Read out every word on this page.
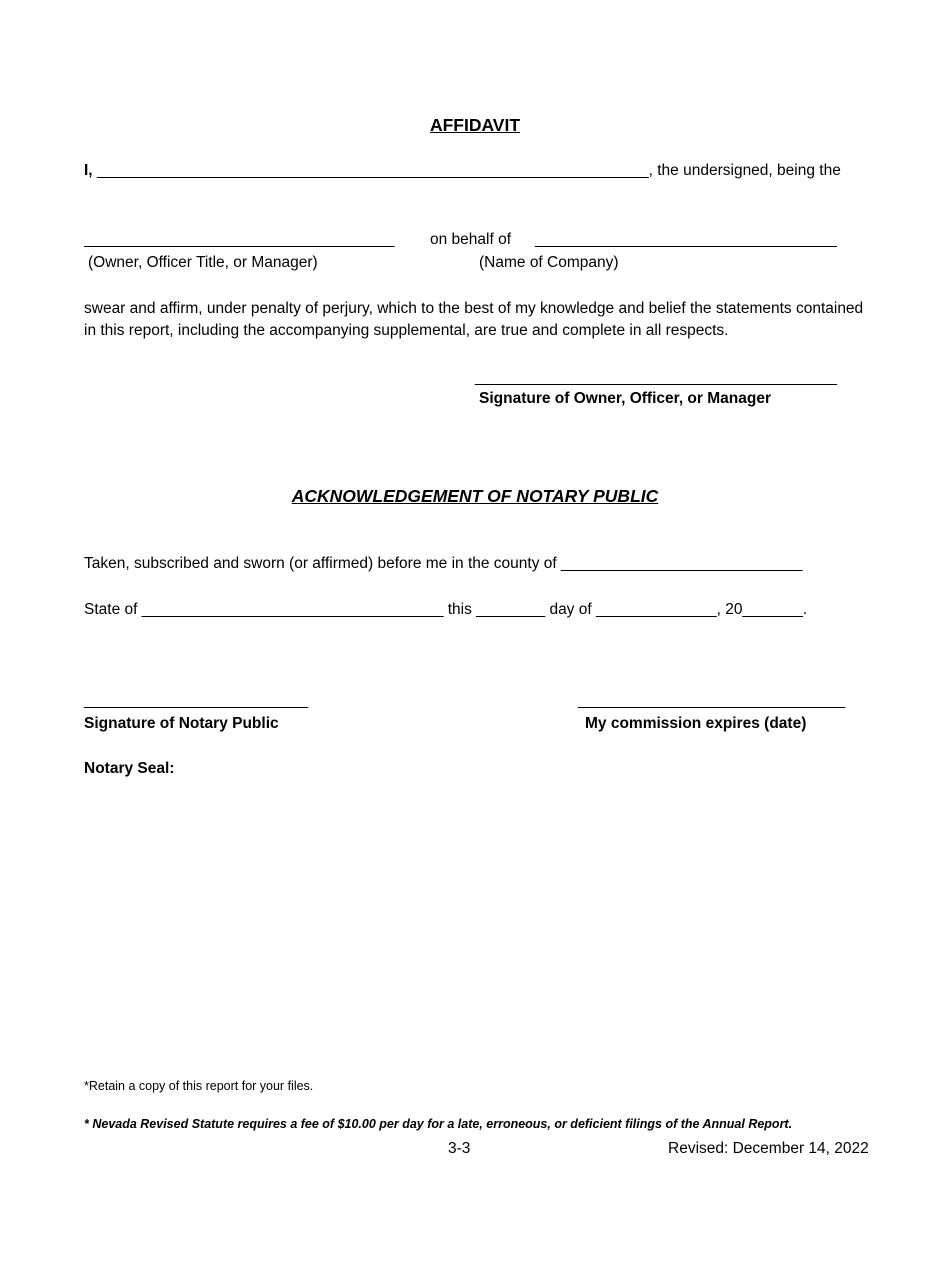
AFFIDAVIT
I, ________________________________________________________________, the undersigned, being the
____________________________________ on behalf of ___________________________________
(Owner, Officer Title, or Manager)	(Name of Company)
swear and affirm, under penalty of perjury, which to the best of my knowledge and belief the statements contained in this report, including the accompanying supplemental, are true and complete in all respects.
__________________________________________
Signature of Owner, Officer, or Manager
ACKNOWLEDGEMENT OF NOTARY PUBLIC
Taken, subscribed and sworn (or affirmed) before me in the county of ____________________________
State of ___________________________________ this ________ day of ______________, 20_______.
__________________________	_______________________________
Signature of Notary Public	My commission expires (date)
Notary Seal:
*Retain a copy of this report for your files.
* Nevada Revised Statute requires a fee of $10.00 per day for a late, erroneous, or deficient filings of the Annual Report.
3-3	Revised: December 14, 2022
